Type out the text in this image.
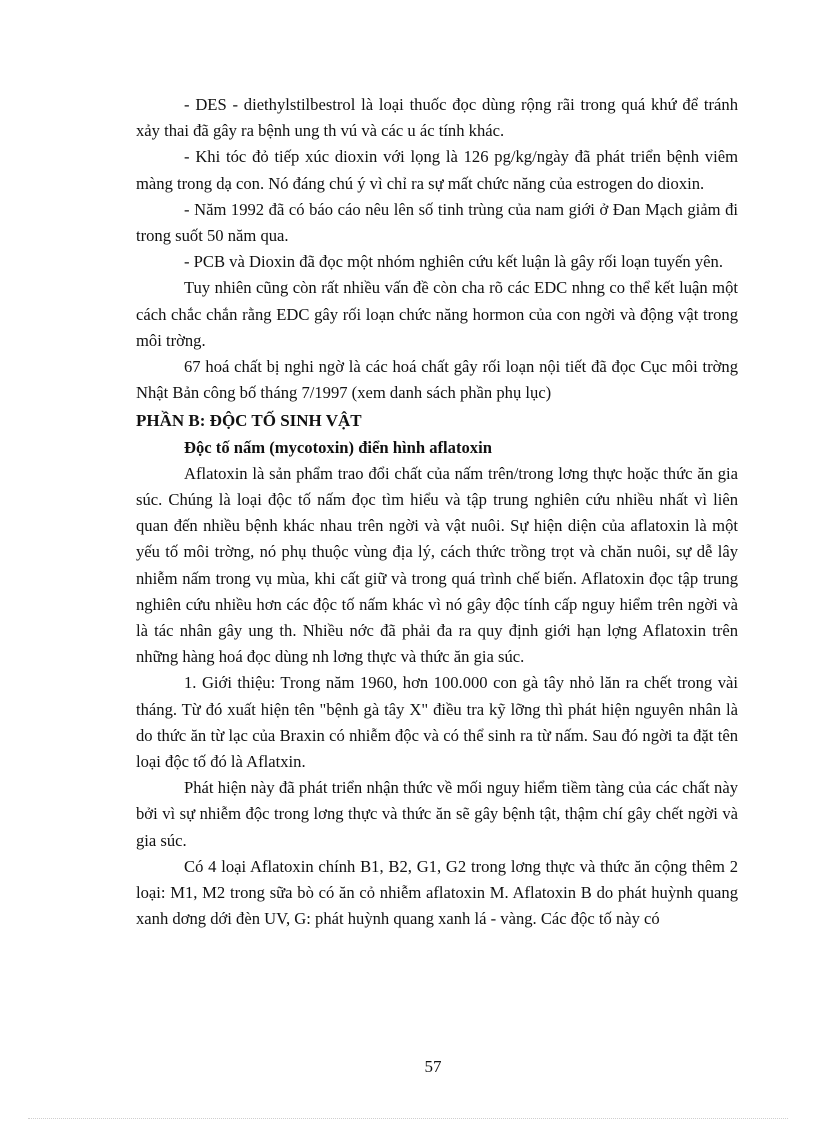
- DES - diethylstilbestrol là loại thuốc đọc dùng rộng rãi trong quá khứ để tránh xảy thai đã gây ra bệnh ung th vú và các u ác tính khác.

- Khi tóc đỏ tiếp xúc dioxin với lọng là 126 pg/kg/ngày đã phát triển bệnh viêm màng trong dạ con. Nó đáng chú ý vì chỉ ra sự mất chức năng của estrogen do dioxin.

- Năm 1992 đã có báo cáo nêu lên số tinh trùng của nam giới ở Đan Mạch giảm đi trong suốt 50 năm qua.

- PCB và Dioxin đã đọc một nhóm nghiên cứu kết luận là gây rối loạn tuyến yên.

Tuy nhiên cũng còn rất nhiều vấn đề còn cha rõ các EDC nhng co thể kết luận một cách chắc chắn rằng EDC gây rối loạn chức năng hormon của con ngời và động vật trong môi trờng.

67 hoá chất bị nghi ngờ là các hoá chất gây rối loạn nội tiết đã đọc Cục môi trờng Nhật Bản công bố tháng 7/1997 (xem danh sách phần phụ lục)

PHẦN B: ĐỘC TỐ SINH VẬT

Độc tố nấm (mycotoxin) điển hình aflatoxin

Aflatoxin là sản phẩm trao đổi chất của nấm trên/trong lơng thực hoặc thức ăn gia súc. Chúng là loại độc tố nấm đọc tìm hiểu và tập trung nghiên cứu nhiều nhất vì liên quan đến nhiều bệnh khác nhau trên ngời và vật nuôi. Sự hiện diện của aflatoxin là một yếu tố môi trờng, nó phụ thuộc vùng địa lý, cách thức trồng trọt và chăn nuôi, sự dễ lây nhiễm nấm trong vụ mùa, khi cất giữ và trong quá trình chế biến. Aflatoxin đọc tập trung nghiên cứu nhiều hơn các độc tố nấm khác vì nó gây độc tính cấp nguy hiểm trên ngời và là tác nhân gây ung th. Nhiều nớc đã phải đa ra quy định giới hạn lợng Aflatoxin trên những hàng hoá đọc dùng nh lơng thực và thức ăn gia súc.

1. Giới thiệu: Trong năm 1960, hơn 100.000 con gà tây nhỏ lăn ra chết trong vài tháng. Từ đó xuất hiện tên "bệnh gà tây X" điều tra kỹ lỡng thì phát hiện nguyên nhân là do thức ăn từ lạc của Braxin có nhiễm độc và có thể sinh ra từ nấm. Sau đó ngời ta đặt tên loại độc tố đó là Aflatxin.

Phát hiện này đã phát triển nhận thức về mối nguy hiểm tiềm tàng của các chất này bởi vì sự nhiễm độc trong lơng thực và thức ăn sẽ gây bệnh tật, thậm chí gây chết ngời và gia súc.

Có 4 loại Aflatoxin chính B1, B2, G1, G2 trong lơng thực và thức ăn cộng thêm 2 loại: M1, M2 trong sữa bò có ăn cỏ nhiễm aflatoxin M. Aflatoxin B do phát huỳnh quang xanh dơng dới đèn UV, G: phát huỳnh quang xanh lá - vàng. Các độc tố này có

57
